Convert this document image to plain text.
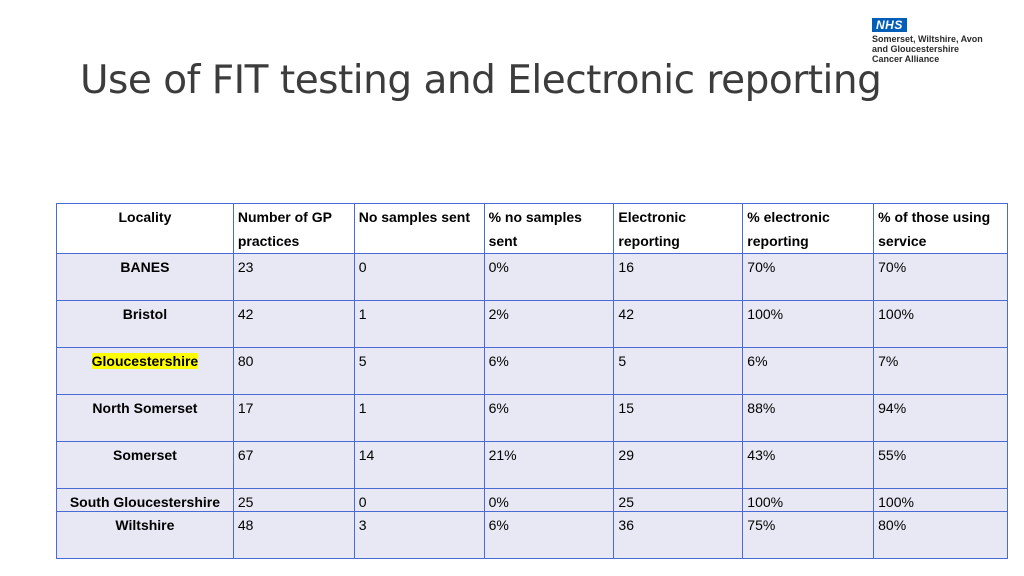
Use of FIT testing and Electronic reporting
NHS
Somerset, Wiltshire, Avon
and Gloucestershire
Cancer Alliance
Locality	Number of GP practices	No samples sent	% no samples sent	Electronic reporting	% electronic reporting	% of those using service
BANES	23	0	0%	16	70%	70%
Bristol	42	1	2%	42	100%	100%
Gloucestershire	80	5	6%	5	6%	7%
North Somerset	17	1	6%	15	88%	94%
Somerset	67	14	21%	29	43%	55%
South Gloucestershire	25	0	0%	25	100%	100%
Wiltshire	48	3	6%	36	75%	80%
